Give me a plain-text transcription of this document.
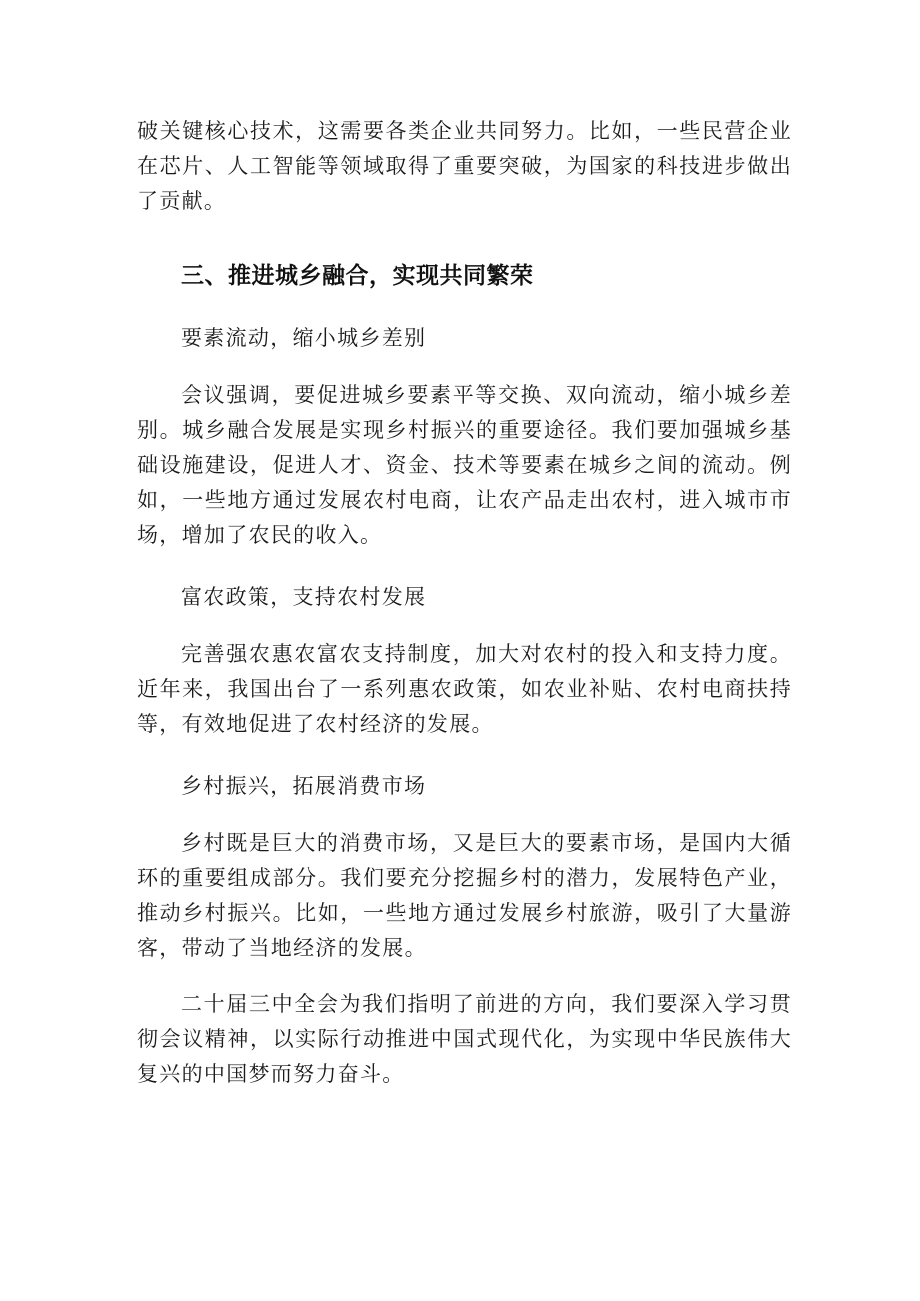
破关键核心技术，这需要各类企业共同努力。比如，一些民营企业在芯片、人工智能等领域取得了重要突破，为国家的科技进步做出了贡献。

三、推进城乡融合，实现共同繁荣

要素流动，缩小城乡差别

会议强调，要促进城乡要素平等交换、双向流动，缩小城乡差别。城乡融合发展是实现乡村振兴的重要途径。我们要加强城乡基础设施建设，促进人才、资金、技术等要素在城乡之间的流动。例如，一些地方通过发展农村电商，让农产品走出农村，进入城市市场，增加了农民的收入。

富农政策，支持农村发展

完善强农惠农富农支持制度，加大对农村的投入和支持力度。近年来，我国出台了一系列惠农政策，如农业补贴、农村电商扶持等，有效地促进了农村经济的发展。

乡村振兴，拓展消费市场

乡村既是巨大的消费市场，又是巨大的要素市场，是国内大循环的重要组成部分。我们要充分挖掘乡村的潜力，发展特色产业，推动乡村振兴。比如，一些地方通过发展乡村旅游，吸引了大量游客，带动了当地经济的发展。

二十届三中全会为我们指明了前进的方向，我们要深入学习贯彻会议精神，以实际行动推进中国式现代化，为实现中华民族伟大复兴的中国梦而努力奋斗。
